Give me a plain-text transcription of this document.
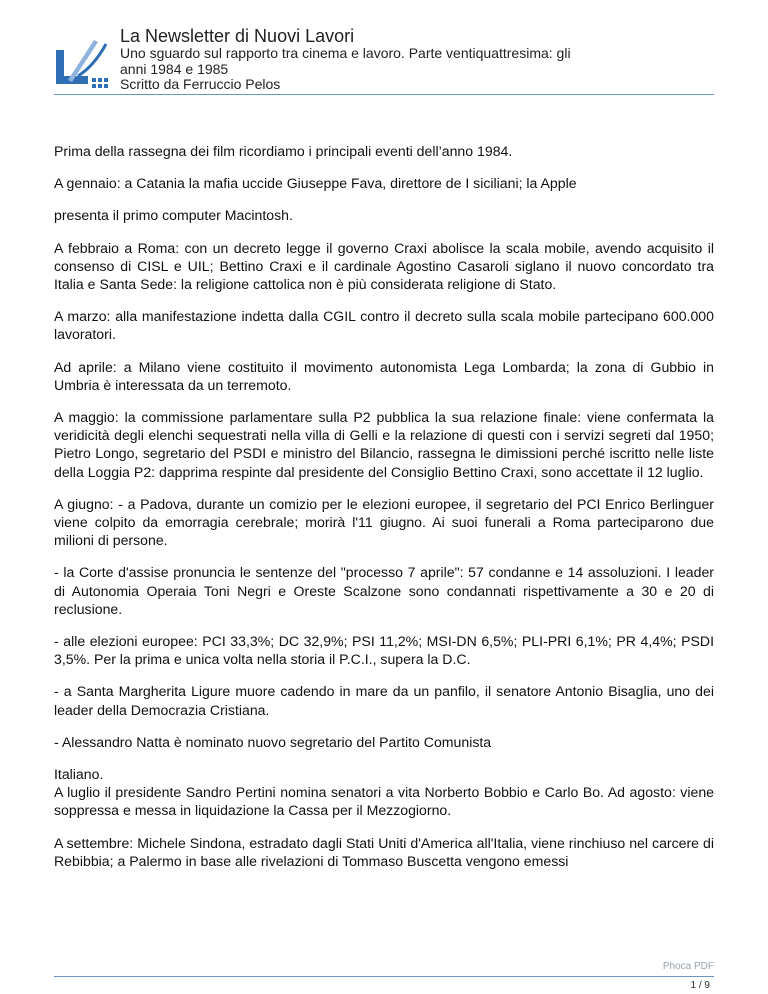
La Newsletter di Nuovi Lavori
Uno sguardo sul rapporto tra cinema e lavoro. Parte ventiquattresima: gli
anni 1984 e 1985
Scritto da Ferruccio Pelos

Prima della rassegna dei film ricordiamo i principali eventi dell’anno 1984.

A gennaio: a Catania la mafia uccide Giuseppe Fava, direttore de I siciliani; la Apple

presenta il primo computer Macintosh.

A febbraio a Roma: con un decreto legge il governo Craxi abolisce la scala mobile, avendo acquisito il consenso di CISL e UIL; Bettino Craxi e il cardinale Agostino Casaroli siglano il nuovo concordato tra Italia e Santa Sede: la religione cattolica non è più considerata religione di Stato.

A marzo: alla manifestazione indetta dalla CGIL contro il decreto sulla scala mobile partecipano 600.000 lavoratori.

Ad aprile: a Milano viene costituito il movimento autonomista Lega Lombarda; la zona di Gubbio in Umbria è interessata da un terremoto.

A maggio: la commissione parlamentare sulla P2 pubblica la sua relazione finale: viene confermata la veridicità degli elenchi sequestrati nella villa di Gelli e la relazione di questi con i servizi segreti dal 1950; Pietro Longo, segretario del PSDI e ministro del Bilancio, rassegna le dimissioni perché iscritto nelle liste della Loggia P2: dapprima respinte dal presidente del Consiglio Bettino Craxi, sono accettate il 12 luglio.

A giugno: - a Padova, durante un comizio per le elezioni europee, il segretario del PCI Enrico Berlinguer viene colpito da emorragia cerebrale; morirà l'11 giugno. Ai suoi funerali a Roma parteciparono due milioni di persone.

- la Corte d'assise pronuncia le sentenze del "processo 7 aprile": 57 condanne e 14 assoluzioni. I leader di Autonomia Operaia Toni Negri e Oreste Scalzone sono condannati rispettivamente a 30 e 20 di reclusione.

- alle elezioni europee: PCI 33,3%; DC 32,9%; PSI 11,2%; MSI-DN 6,5%; PLI-PRI 6,1%; PR 4,4%; PSDI 3,5%. Per la prima e unica volta nella storia il P.C.I., supera la D.C.

- a Santa Margherita Ligure muore cadendo in mare da un panfilo, il senatore Antonio Bisaglia, uno dei leader della Democrazia Cristiana.

- Alessandro Natta è nominato nuovo segretario del Partito Comunista

Italiano.

A luglio il presidente Sandro Pertini nomina senatori a vita Norberto Bobbio e Carlo Bo. Ad agosto: viene soppressa e messa in liquidazione la Cassa per il Mezzogiorno.

A settembre: Michele Sindona, estradato dagli Stati Uniti d'America all'Italia, viene rinchiuso nel carcere di Rebibbia; a Palermo in base alle rivelazioni di Tommaso Buscetta vengono emessi

Phoca PDF
1 / 9
